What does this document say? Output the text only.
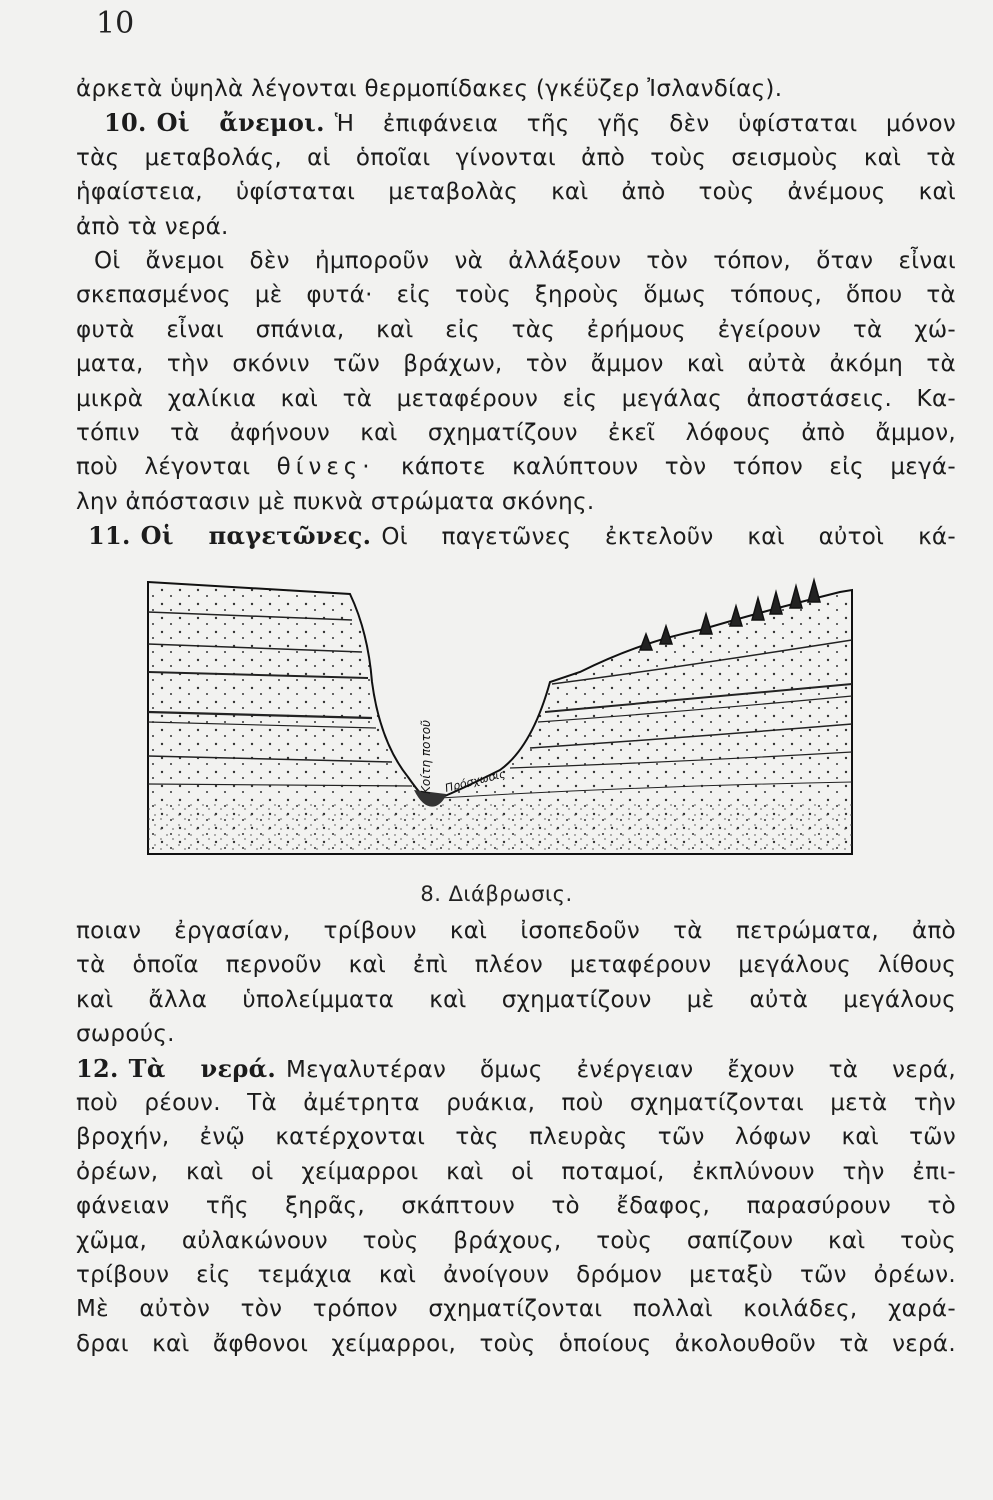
10
ἀρκετὰ ὑψηλὰ λέγονται θερμοπίδακες (γκέϋζερ Ἰσλανδίας).
10. Οἱ ἄνεμοι. Ἡ ἐπιφάνεια τῆς γῆς δὲν ὑφίσταται μόνον
τὰς μεταβολάς, αἱ ὁποῖαι γίνονται ἀπὸ τοὺς σεισμοὺς καὶ τὰ
ἡφαίστεια, ὑφίσταται μεταβολὰς καὶ ἀπὸ τοὺς ἀνέμους καὶ
ἀπὸ τὰ νερά.
Οἱ ἄνεμοι δὲν ἠμποροῦν νὰ ἀλλάξουν τὸν τόπον, ὅταν εἶναι
σκεπασμένος μὲ φυτά· εἰς τοὺς ξηροὺς ὅμως τόπους, ὅπου τὰ
φυτὰ εἶναι σπάνια, καὶ εἰς τὰς ἐρήμους ἐγείρουν τὰ χώ-
ματα, τὴν σκόνιν τῶν βράχων, τὸν ἄμμον καὶ αὐτὰ ἀκόμη τὰ
μικρὰ χαλίκια καὶ τὰ μεταφέρουν εἰς μεγάλας ἀποστάσεις. Κα-
τόπιν τὰ ἀφήνουν καὶ σχηματίζουν ἐκεῖ λόφους ἀπὸ ἄμμον,
ποὺ λέγονται θίνες· κάποτε καλύπτουν τὸν τόπον εἰς μεγά-
λην ἀπόστασιν μὲ πυκνὰ στρώματα σκόνης.
11. Οἱ παγετῶνες. Οἱ παγετῶνες ἐκτελοῦν καὶ αὐτοὶ κά-
Κοίτη ποτοῦ Πρόσχωσις
8. Διάβρωσις.
ποιαν ἐργασίαν, τρίβουν καὶ ἰσοπεδοῦν τὰ πετρώματα, ἀπὸ
τὰ ὁποῖα περνοῦν καὶ ἐπὶ πλέον μεταφέρουν μεγάλους λίθους
καὶ ἄλλα ὑπολείμματα καὶ σχηματίζουν μὲ αὐτὰ μεγάλους
σωρούς.
12. Τὰ νερά. Μεγαλυτέραν ὅμως ἐνέργειαν ἔχουν τὰ νερά,
ποὺ ρέουν. Τὰ ἀμέτρητα ρυάκια, ποὺ σχηματίζονται μετὰ τὴν
βροχήν, ἐνῷ κατέρχονται τὰς πλευρὰς τῶν λόφων καὶ τῶν
ὀρέων, καὶ οἱ χείμαρροι καὶ οἱ ποταμοί, ἐκπλύνουν τὴν ἐπι-
φάνειαν τῆς ξηρᾶς, σκάπτουν τὸ ἔδαφος, παρασύρουν τὸ
χῶμα, αὐλακώνουν τοὺς βράχους, τοὺς σαπίζουν καὶ τοὺς
τρίβουν εἰς τεμάχια καὶ ἀνοίγουν δρόμον μεταξὺ τῶν ὀρέων.
Μὲ αὐτὸν τὸν τρόπον σχηματίζονται πολλαὶ κοιλάδες, χαρά-
δραι καὶ ἄφθονοι χείμαρροι, τοὺς ὁποίους ἀκολουθοῦν τὰ νερά.
